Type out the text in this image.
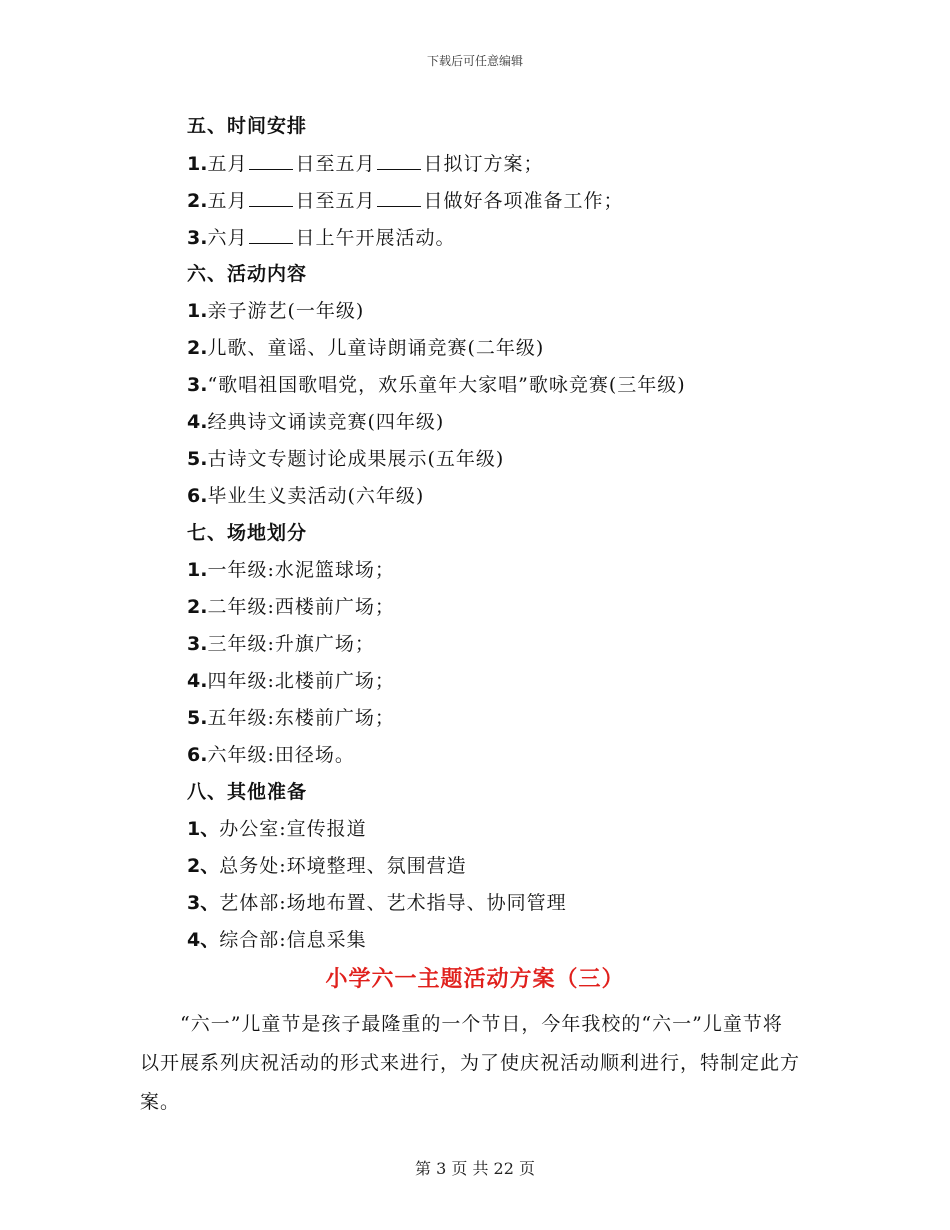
下载后可任意编辑
五、时间安排
1.五月	日至五月	日拟订方案；
2.五月	日至五月	日做好各项准备工作；
3.六月	日上午开展活动。
六、活动内容
1.亲子游艺(一年级)
2.儿歌、童谣、儿童诗朗诵竞赛(二年级)
3.“歌唱祖国歌唱党，欢乐童年大家唱”歌咏竞赛(三年级)
4.经典诗文诵读竞赛(四年级)
5.古诗文专题讨论成果展示(五年级)
6.毕业生义卖活动(六年级)
七、场地划分
1.一年级:水泥篮球场；
2.二年级:西楼前广场；
3.三年级:升旗广场；
4.四年级:北楼前广场；
5.五年级:东楼前广场；
6.六年级:田径场。
八、其他准备
1、办公室:宣传报道
2、总务处:环境整理、氛围营造
3、艺体部:场地布置、艺术指导、协同管理
4、综合部:信息采集
小学六一主题活动方案（三）
“六一”儿童节是孩子最隆重的一个节日，今年我校的“六一”儿童节将以开展系列庆祝活动的形式来进行，为了使庆祝活动顺利进行，特制定此方案。
第 3 页 共 22 页
